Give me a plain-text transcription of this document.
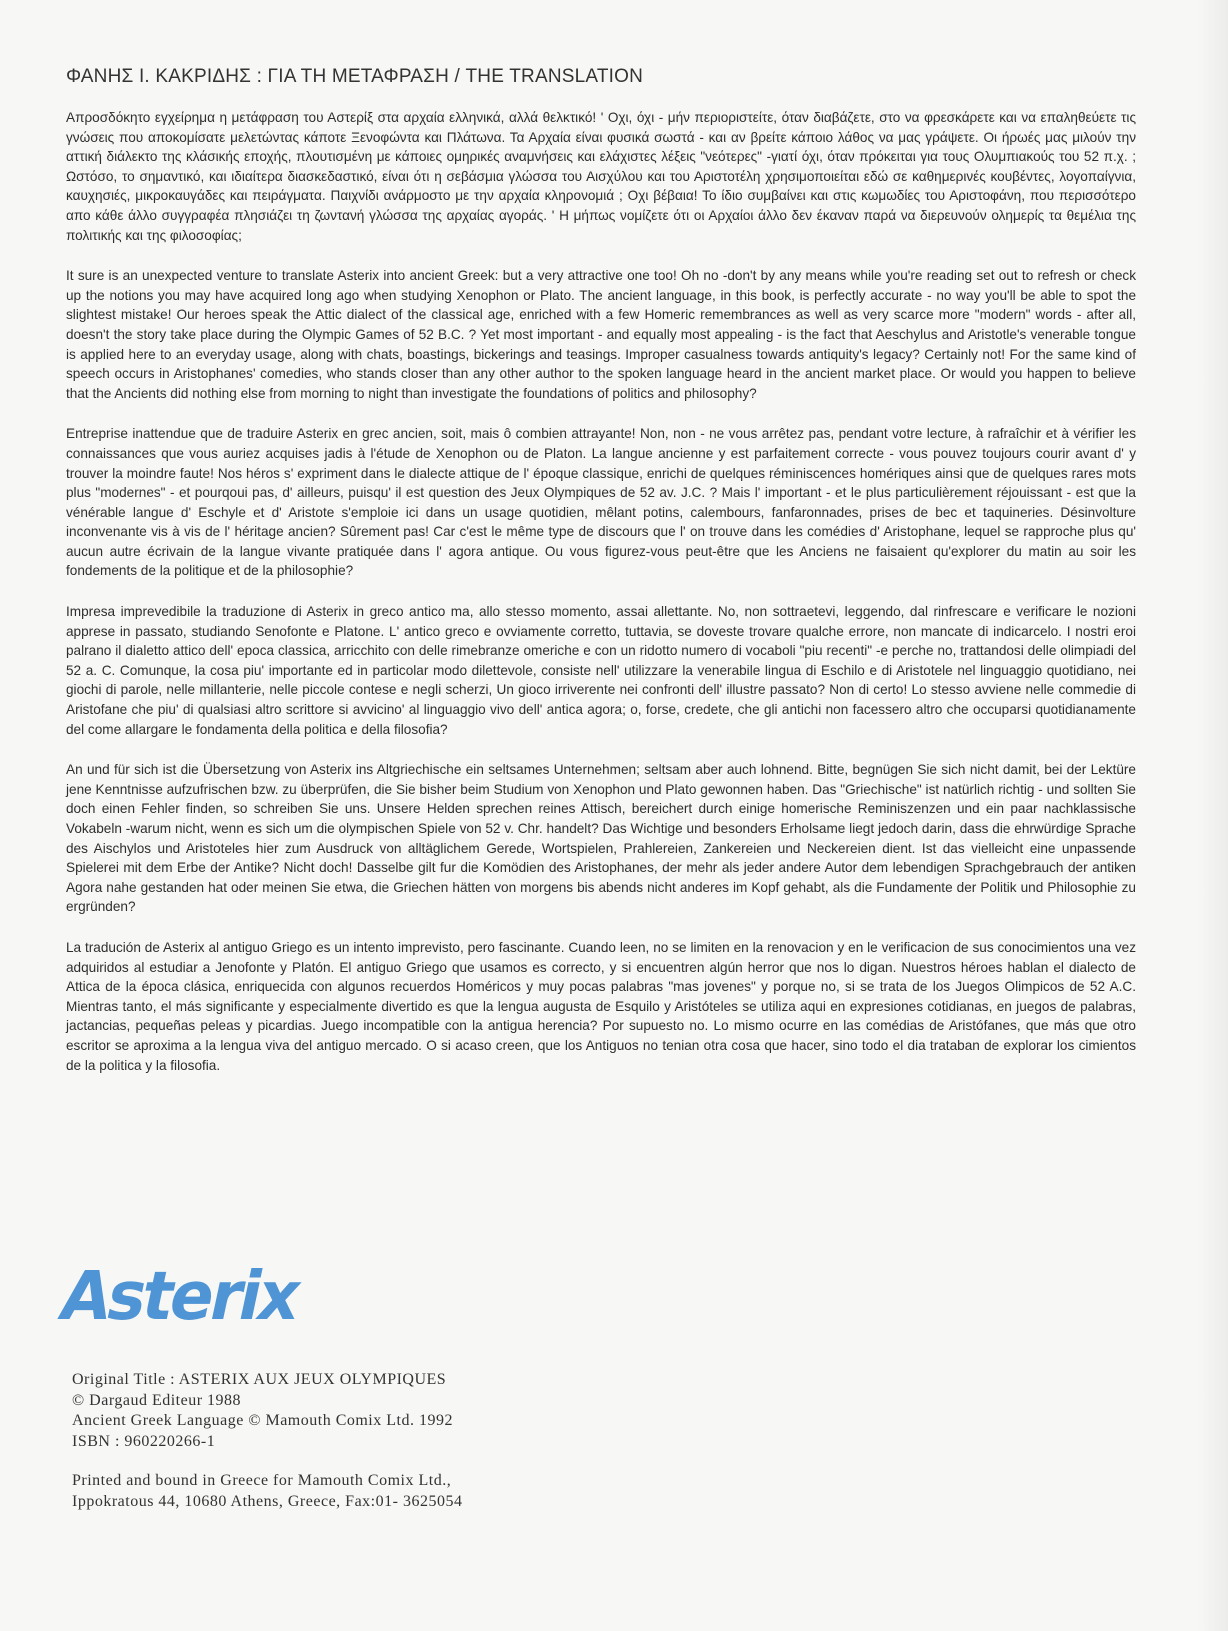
ΦΑΝΗΣ Ι. ΚΑΚΡΙΔΗΣ : ΓΙΑ ΤΗ ΜΕΤΑΦΡΑΣΗ / THE TRANSLATION

Απροσδόκητο εγχείρημα η μετάφραση του Αστερίξ στα αρχαία ελληνικά, αλλά θελκτικό! ' Οχι, όχι - μήν περιοριστείτε, όταν διαβάζετε, στο να φρεσκάρετε και να επαληθεύετε τις γνώσεις που αποκομίσατε μελετώντας κάποτε Ξενοφώντα και Πλάτωνα. Τα Αρχαία είναι φυσικά σωστά - και αν βρείτε κάποιο λάθος να μας γράψετε. Οι ήρωές μας μιλούν την αττική διάλεκτο της κλάσικής εποχής, πλουτισμένη με κάποιες ομηρικές αναμνήσεις και ελάχιστες λέξεις "νεότερες" -γιατί όχι, όταν πρόκειται για τους Ολυμπιακούς του 52 π.χ. ; Ωστόσο, το σημαντικό, και ιδιαίτερα διασκεδαστικό, είναι ότι η σεβάσμια γλώσσα του Αισχύλου και του Αριστοτέλη χρησιμοποιείται εδώ σε καθημερινές κουβέντες, λογοπαίγνια, καυχησιές, μικροκαυγάδες και πειράγματα. Παιχνίδι ανάρμοστο με την αρχαία κληρονομιά ; Οχι βέβαια! Το ίδιο συμβαίνει και στις κωμωδίες του Αριστοφάνη, που περισσότερο απο κάθε άλλο συγγραφέα πλησιάζει τη ζωντανή γλώσσα της αρχαίας αγοράς. ' Η μήπως νομίζετε ότι οι Αρχαίοι άλλο δεν έκαναν παρά να διερευνούν ολημερίς τα θεμέλια της πολιτικής και της φιλοσοφίας;

It sure is an unexpected venture to translate Asterix into ancient Greek: but a very attractive one too! Oh no -don't by any means while you're reading set out to refresh or check up the notions you may have acquired long ago when studying Xenophon or Plato. The ancient language, in this book, is perfectly accurate - no way you'll be able to spot the slightest mistake! Our heroes speak the Attic dialect of the classical age, enriched with a few Homeric remembrances as well as very scarce more "modern" words - after all, doesn't the story take place during the Olympic Games of 52 B.C. ? Yet most important - and equally most appealing - is the fact that Aeschylus and Aristotle's venerable tongue is applied here to an everyday usage, along with chats, boastings, bickerings and teasings. Improper casualness towards antiquity's legacy? Certainly not! For the same kind of speech occurs in Aristophanes' comedies, who stands closer than any other author to the spoken language heard in the ancient market place. Or would you happen to believe that the Ancients did nothing else from morning to night than investigate the foundations of politics and philosophy?

Entreprise inattendue que de traduire Asterix en grec ancien, soit, mais ô combien attrayante! Non, non - ne vous arrêtez pas, pendant votre lecture, à rafraîchir et à vérifier les connaissances que vous auriez acquises jadis à l'étude de Xenophon ou de Platon. La langue ancienne y est parfaitement correcte - vous pouvez toujours courir avant d' y trouver la moindre faute! Nos héros s' expriment dans le dialecte attique de l' époque classique, enrichi de quelques réminiscences homériques ainsi que de quelques rares mots plus "modernes" - et pourqoui pas, d' ailleurs, puisqu' il est question des Jeux Olympiques de 52 av. J.C. ? Mais l' important - et le plus particulièrement réjouissant - est que la vénérable langue d' Eschyle et d' Aristote s'emploie ici dans un usage quotidien, mêlant potins, calembours, fanfaronnades, prises de bec et taquineries. Désinvolture inconvenante vis à vis de l' héritage ancien? Sûrement pas! Car c'est le même type de discours que l' on trouve dans les comédies d' Aristophane, lequel se rapproche plus qu' aucun autre écrivain de la langue vivante pratiquée dans l' agora antique. Ou vous figurez-vous peut-être que les Anciens ne faisaient qu'explorer du matin au soir les fondements de la politique et de la philosophie?

Impresa imprevedibile la traduzione di Asterix in greco antico ma, allo stesso momento, assai allettante. No, non sottraetevi, leggendo, dal rinfrescare e verificare le nozioni apprese in passato, studiando Senofonte e Platone. L' antico greco e ovviamente corretto, tuttavia, se doveste trovare qualche errore, non mancate di indicarcelo. I nostri eroi palrano il dialetto attico dell' epoca classica, arricchito con delle rimebranze omeriche e con un ridotto numero di vocaboli "piu recenti" -e perche no, trattandosi delle olimpiadi del 52 a. C. Comunque, la cosa piu' importante ed in particolar modo dilettevole, consiste nell' utilizzare la venerabile lingua di Eschilo e di Aristotele nel linguaggio quotidiano, nei giochi di parole, nelle millanterie, nelle piccole contese e negli scherzi, Un gioco irriverente nei confronti dell' illustre passato? Non di certo! Lo stesso avviene nelle commedie di Aristofane che piu' di qualsiasi altro scrittore si avvicino' al linguaggio vivo dell' antica agora; o, forse, credete, che gli antichi non facessero altro che occuparsi quotidianamente del come allargare le fondamenta della politica e della filosofia?

An und für sich ist die Übersetzung von Asterix ins Altgriechische ein seltsames Unternehmen; seltsam aber auch lohnend. Bitte, begnügen Sie sich nicht damit, bei der Lektüre jene Kenntnisse aufzufrischen bzw. zu überprüfen, die Sie bisher beim Studium von Xenophon und Plato gewonnen haben. Das "Griechische" ist natürlich richtig - und sollten Sie doch einen Fehler finden, so schreiben Sie uns. Unsere Helden sprechen reines Attisch, bereichert durch einige homerische Reminiszenzen und ein paar nachklassische Vokabeln -warum nicht, wenn es sich um die olympischen Spiele von 52 v. Chr. handelt? Das Wichtige und besonders Erholsame liegt jedoch darin, dass die ehrwürdige Sprache des Aischylos und Aristoteles hier zum Ausdruck von alltäglichem Gerede, Wortspielen, Prahlereien, Zankereien und Neckereien dient. Ist das vielleicht eine unpassende Spielerei mit dem Erbe der Antike? Nicht doch! Dasselbe gilt fur die Komödien des Aristophanes, der mehr als jeder andere Autor dem lebendigen Sprachgebrauch der antiken Agora nahe gestanden hat oder meinen Sie etwa, die Griechen hätten von morgens bis abends nicht anderes im Kopf gehabt, als die Fundamente der Politik und Philosophie zu ergründen?

La tradución de Asterix al antiguo Griego es un intento imprevisto, pero fascinante. Cuando leen, no se limiten en la renovacion y en le verificacion de sus conocimientos una vez adquiridos al estudiar a Jenofonte y Platón. El antiguo Griego que usamos es correcto, y si encuentren algún herror que nos lo digan. Nuestros héroes hablan el dialecto de Attica de la época clásica, enriquecida con algunos recuerdos Homéricos y muy pocas palabras "mas jovenes" y porque no, si se trata de los Juegos Olimpicos de 52 A.C. Mientras tanto, el más significante y especialmente divertido es que la lengua augusta de Esquilo y Aristóteles se utiliza aqui en expresiones cotidianas, en juegos de palabras, jactancias, pequeñas peleas y picardias. Juego incompatible con la antigua herencia? Por supuesto no. Lo mismo ocurre en las comédias de Aristófanes, que más que otro escritor se aproxima a la lengua viva del antiguo mercado. O si acaso creen, que los Antiguos no tenian otra cosa que hacer, sino todo el dia trataban de explorar los cimientos de la politica y la filosofia.

Asterix
Original Title : ASTERIX AUX JEUX OLYMPIQUES
© Dargaud Editeur 1988
Ancient Greek Language © Mamouth Comix Ltd. 1992
ISBN : 960220266-1
Printed and bound in Greece for Mamouth Comix Ltd.,
Ippokratous 44, 10680 Athens, Greece, Fax:01- 3625054
